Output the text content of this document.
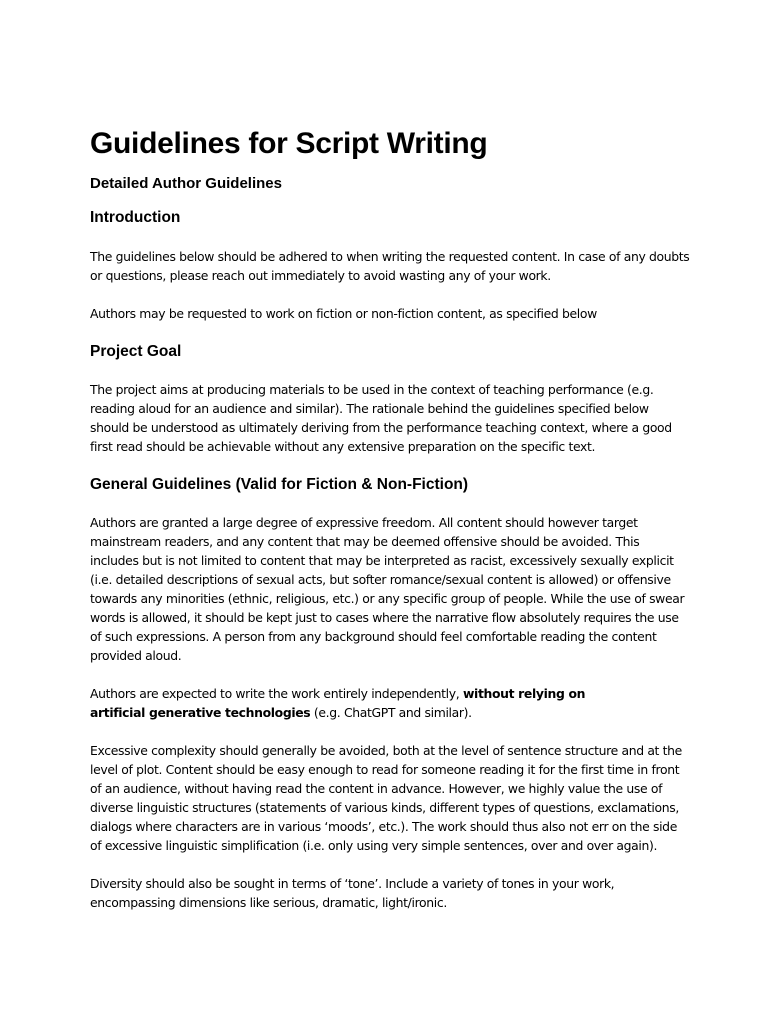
Guidelines for Script Writing
Detailed Author Guidelines
Introduction

The guidelines below should be adhered to when writing the requested content. In case of any doubts or questions, please reach out immediately to avoid wasting any of your work.

Authors may be requested to work on fiction or non-fiction content, as specified below

Project Goal

The project aims at producing materials to be used in the context of teaching performance (e.g. reading aloud for an audience and similar). The rationale behind the guidelines specified below should be understood as ultimately deriving from the performance teaching context, where a good first read should be achievable without any extensive preparation on the specific text.

General Guidelines (Valid for Fiction & Non-Fiction)

Authors are granted a large degree of expressive freedom. All content should however target mainstream readers, and any content that may be deemed offensive should be avoided. This includes but is not limited to content that may be interpreted as racist, excessively sexually explicit (i.e. detailed descriptions of sexual acts, but softer romance/sexual content is allowed) or offensive towards any minorities (ethnic, religious, etc.) or any specific group of people. While the use of swear words is allowed, it should be kept just to cases where the narrative flow absolutely requires the use of such expressions. A person from any background should feel comfortable reading the content provided aloud.

Authors are expected to write the work entirely independently, without relying on
artificial generative technologies (e.g. ChatGPT and similar).

Excessive complexity should generally be avoided, both at the level of sentence structure and at the level of plot. Content should be easy enough to read for someone reading it for the first time in front of an audience, without having read the content in advance. However, we highly value the use of diverse linguistic structures (statements of various kinds, different types of questions, exclamations, dialogs where characters are in various ‘moods’, etc.). The work should thus also not err on the side of excessive linguistic simplification (i.e. only using very simple sentences, over and over again).

Diversity should also be sought in terms of ‘tone’. Include a variety of tones in your work, encompassing dimensions like serious, dramatic, light/ironic.
